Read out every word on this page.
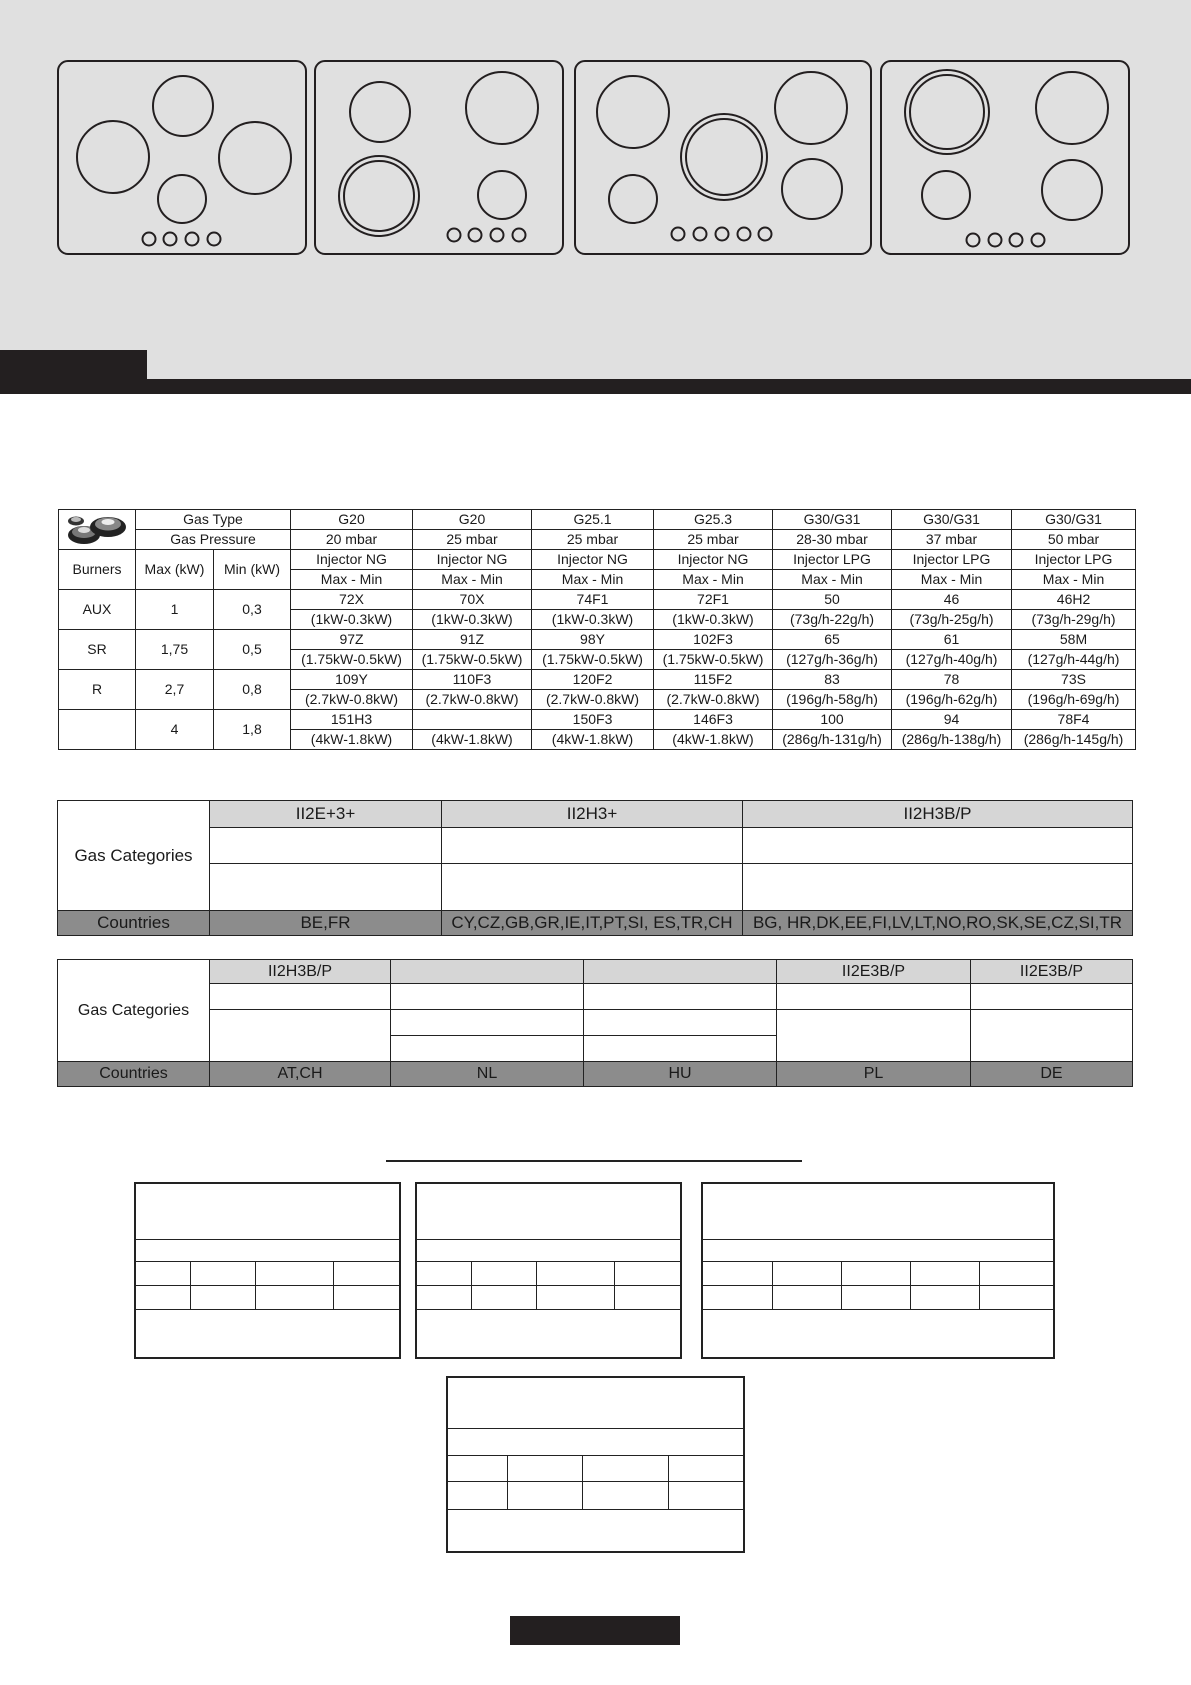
	Gas Type		G20	G20	G25.1	G25.3	G30/G31	G30/G31	G30/G31
	Gas Pressure		20 mbar	25 mbar	25 mbar	25 mbar	28-30 mbar	37 mbar	50 mbar
Burners	Max (kW)	Min (kW)	Injector NG	Injector NG	Injector NG	Injector NG	Injector LPG	Injector LPG	Injector LPG
			Max - Min	Max - Min	Max - Min	Max - Min	Max - Min	Max - Min	Max - Min
AUX	1	0,3	72X	70X	74F1	72F1	50	46	46H2
			(1kW-0.3kW)	(1kW-0.3kW)	(1kW-0.3kW)	(1kW-0.3kW)	(73g/h-22g/h)	(73g/h-25g/h)	(73g/h-29g/h)
SR	1,75	0,5	97Z	91Z	98Y	102F3	65	61	58M
			(1.75kW-0.5kW)	(1.75kW-0.5kW)	(1.75kW-0.5kW)	(1.75kW-0.5kW)	(127g/h-36g/h)	(127g/h-40g/h)	(127g/h-44g/h)
R	2,7	0,8	109Y	110F3	120F2	115F2	83	78	73S
			(2.7kW-0.8kW)	(2.7kW-0.8kW)	(2.7kW-0.8kW)	(2.7kW-0.8kW)	(196g/h-58g/h)	(196g/h-62g/h)	(196g/h-69g/h)
	4	1,8	151H3		150F3	146F3	100	94	78F4
			(4kW-1.8kW)	(4kW-1.8kW)	(4kW-1.8kW)	(4kW-1.8kW)	(286g/h-131g/h)	(286g/h-138g/h)	(286g/h-145g/h)
Gas Categories	II2E+3+	II2H3+	II2H3B/P

Countries	BE,FR	CY,CZ,GB,GR,IE,IT,PT,SI, ES,TR,CH	BG, HR,DK,EE,FI,LV,LT,NO,RO,SK,SE,CZ,SI,TR
Gas Categories	II2H3B/P			II2E3B/P	II2E3B/P

Countries	AT,CH	NL	HU	PL	DE
